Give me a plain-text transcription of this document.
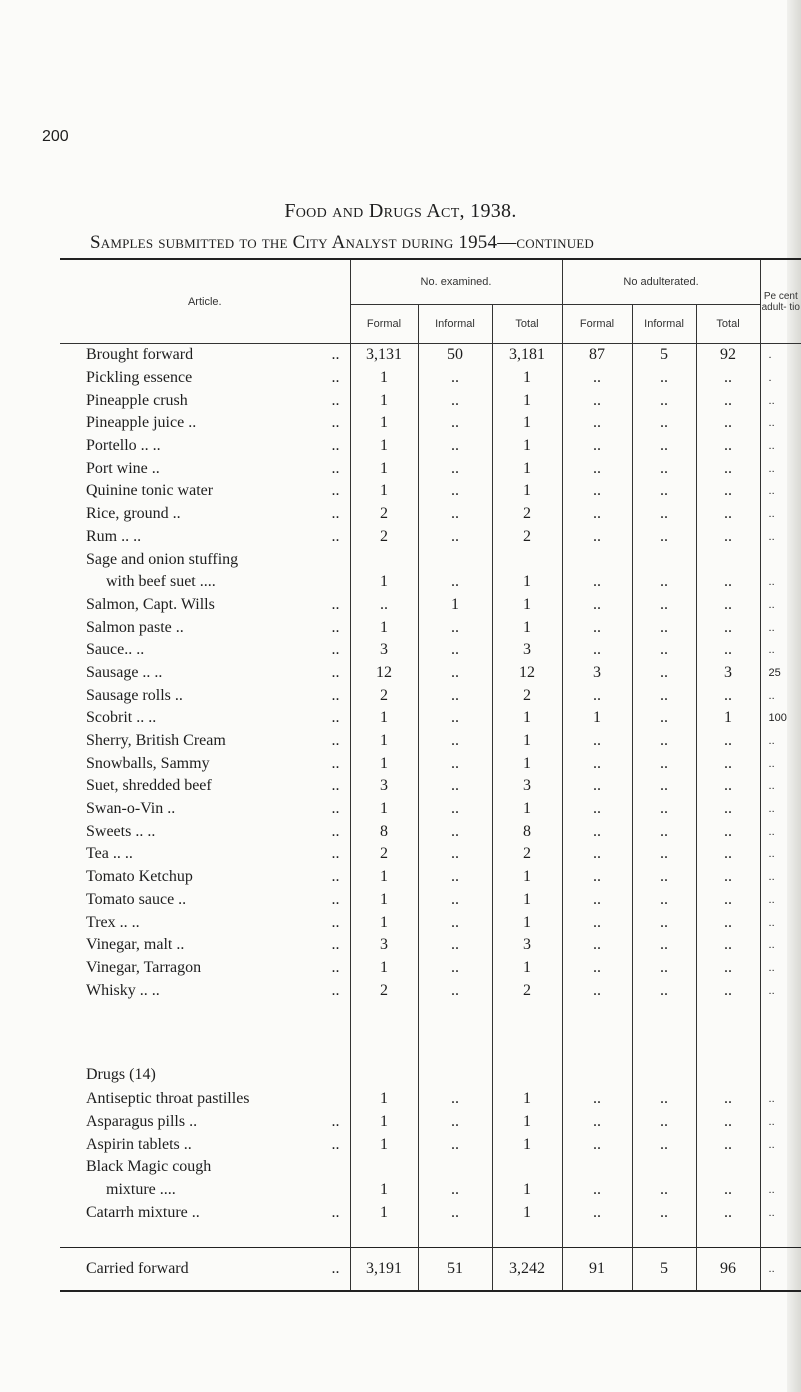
200
Food and Drugs Act, 1938.
Samples submitted to the City Analyst during 1954—continued
Article.	No. examined.			No adulterated.			Pe cent adult- tio
	Formal	Informal	Total	Formal	Informal	Total	
Brought forward ..	3,131	50	3,181	87	5	92	.
Pickling essence ..	1	..	1	..	..	..	.
Pineapple crush ..	1	..	1	..	..	..	..
Pineapple juice .. ..	1	..	1	..	..	..	..
Portello .. .. ..	1	..	1	..	..	..	..
Port wine .. ..	1	..	1	..	..	..	..
Quinine tonic water ..	1	..	1	..	..	..	..
Rice, ground .. ..	2	..	2	..	..	..	..
Rum .. .. ..	2	..	2	..	..	..	..
Sage and onion stuffing							
with beef suet ....	1	..	1	..	..	..	..
Salmon, Capt. Wills ..	..	1	1	..	..	..	..
Salmon paste .. ..	1	..	1	..	..	..	..
Sauce.. .. ..	3	..	3	..	..	..	..
Sausage .. .. ..	12	..	12	3	..	3	25
Sausage rolls .. ..	2	..	2	..	..	..	..
Scobrit .. .. ..	1	..	1	1	..	1	100
Sherry, British Cream ..	1	..	1	..	..	..	..
Snowballs, Sammy ..	1	..	1	..	..	..	..
Suet, shredded beef ..	3	..	3	..	..	..	..
Swan-o-Vin .. ..	1	..	1	..	..	..	..
Sweets .. .. ..	8	..	8	..	..	..	..
Tea .. .. ..	2	..	2	..	..	..	..
Tomato Ketchup ..	1	..	1	..	..	..	..
Tomato sauce .. ..	1	..	1	..	..	..	..
Trex .. .. ..	1	..	1	..	..	..	..
Vinegar, malt .. ..	3	..	3	..	..	..	..
Vinegar, Tarragon ..	1	..	1	..	..	..	..
Whisky .. .. ..	2	..	2	..	..	..	..

Drugs (14)							
Antiseptic throat pastilles	1	..	1	..	..	..	..
Asparagus pills .. ..	1	..	1	..	..	..	..
Aspirin tablets .. ..	1	..	1	..	..	..	..
Black Magic cough							
mixture ....	1	..	1	..	..	..	..
Catarrh mixture .. ..	1	..	1	..	..	..	..

Carried forward ..	3,191	51	3,242	91	5	96	..
